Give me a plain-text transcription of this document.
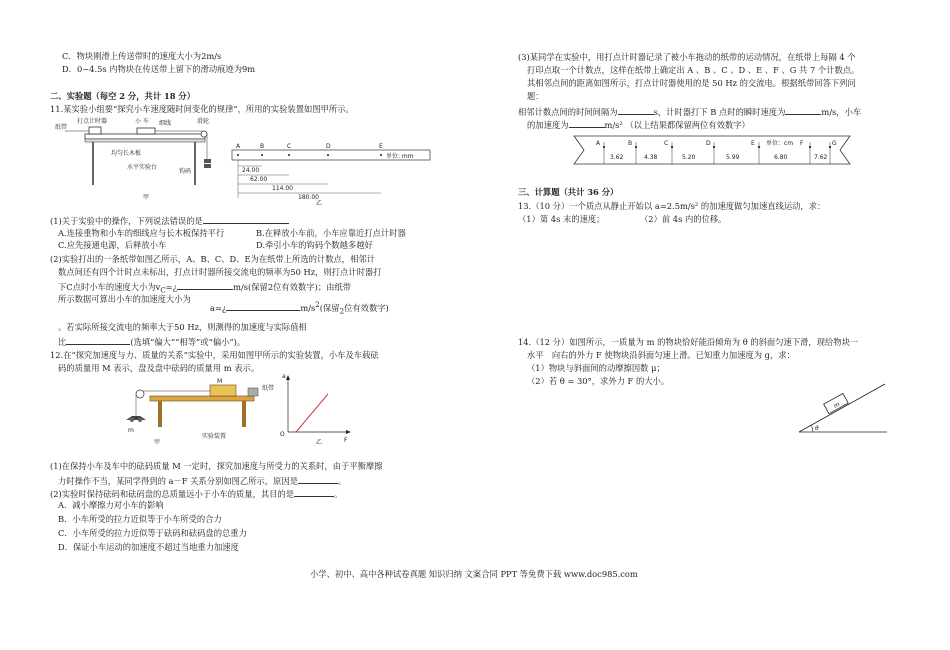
C．物块刚滑上传送带时的速度大小为2m/s
D．0~4.5s 内物块在传送带上留下的滑动痕迹为9m
二、实验题（每空 2 分，共计 18 分）
11.某实验小组要“探究小车速度随时间变化的规律”，所用的实验装置如图甲所示。
打点计时器	小 车 细线	滑轮
纸带
均匀长木板
钩码
水平实验台
甲
A	B	C	D	E
单位: mm
24.00
62.00
114.00
180.00
乙
(1)关于实验中的操作，下列说法错误的是
A.连接重物和小车的细线应与长木板保持平行	B.在释放小车前，小车应靠近打点计时器
C.应先接通电源，后释放小车	D.牵引小车的钩码个数越多越好
(2)实验打出的一条纸带如图乙所示，A、B、C、D、E为在纸带上所选的计数点，相邻计
数点间还有四个计时点未标出，打点计时器所接交流电的频率为50 Hz，则打点计时器打
下C点时小车的速度大小为$v_C=¿$	m/s(保留2位有效数字)；由纸带
所示数据可算出小车的加速度大小为
a=¿	$m/s^2$(保留$_2$位有效数字)
。若实际所接交流电的频率大于50 Hz，则测得的加速度与实际值相
比	(选填“偏大”“相等”或“偏小”)。
12.在“探究加速度与力、质量的关系”实验中，采用如图甲所示的实验装置，小车及车载砝
码的质量用 M 表示，盘及盘中砝码的质量用 m 表示。
M
纸带
m
甲
实验装置
a
F
O
乙
(1)在保持小车及车中的砝码质量 M 一定时，探究加速度与所受力的关系时，由于平衡摩擦
力时操作不当，某同学得到的 a－F 关系分别如图乙所示，原因是	。
(2)实验时保持砝码和砝码盘的总质量远小于小车的质量，其目的是	。
A．减小摩擦力对小车的影响
B．小车所受的拉力近似等于小车所受的合力
C．小车所受的拉力近似等于砝码和砝码盘的总重力
D．保证小车运动的加速度不超过当地重力加速度
(3)某同学在实验中，用打点计时器记录了被小车拖动的纸带的运动情况，在纸带上每隔 4 个
打印点取一个计数点，这样在纸带上确定出 A 、B 、C 、D 、E 、F 、G 共 7 个计数点。
其相邻点间的距离如图所示，打点计时器使用的是 50 Hz 的交流电。根据纸带回答下列问
题：
相邻计数点间的时间间隔为	s，计时器打下 B 点时的瞬时速度为	m/s，小车
的加速度为	m/s² （以上结果都保留两位有效数字）
A	B	C	D	E	F	G
单位：cm
3.62	4.38	5.20	5.99	6.80	7.62
三、计算题（共计 36 分）
13.（10 分）一个质点从静止开始以 a=2.5m/s² 的加速度做匀加速直线运动，求：
（1）第 4s 末的速度；	（2）前 4s 内的位移。
14.（12 分）如图所示，一质量为 m 的物块恰好能沿倾角为 θ 的斜面匀速下滑，现给物块一
水平　向右的外力 F 使物块沿斜面匀速上滑。已知重力加速度为 g，求：
（1）物块与斜面间的动摩擦因数 μ；
（2）若 θ = 30°，求外力 F 的大小。
m
θ
小学、初中、高中各种试卷真题 知识归纳 文案合同 PPT 等免费下载 www.doc985.com
